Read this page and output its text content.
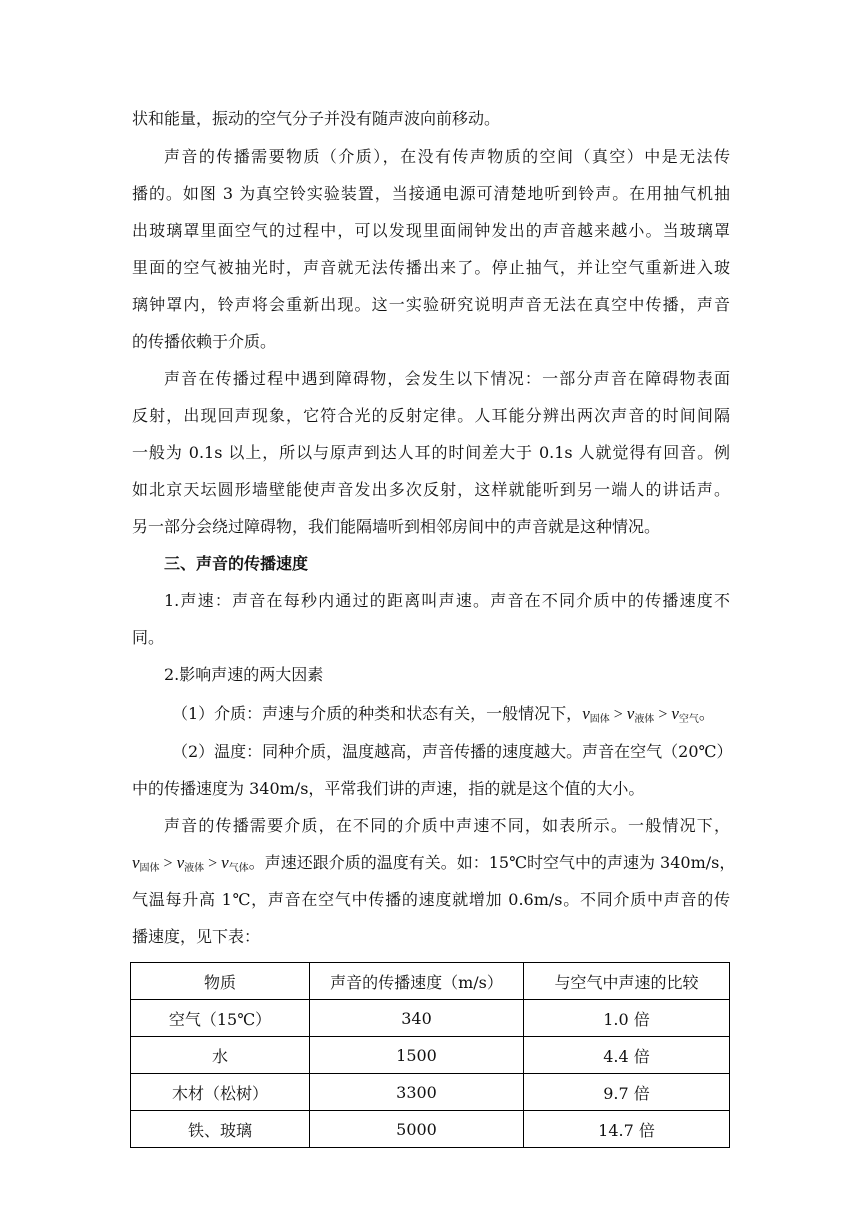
状和能量，振动的空气分子并没有随声波向前移动。
声音的传播需要物质（介质），在没有传声物质的空间（真空）中是无法传
播的。如图 3 为真空铃实验装置，当接通电源可清楚地听到铃声。在用抽气机抽
出玻璃罩里面空气的过程中，可以发现里面闹钟发出的声音越来越小。当玻璃罩
里面的空气被抽光时，声音就无法传播出来了。停止抽气，并让空气重新进入玻
璃钟罩内，铃声将会重新出现。这一实验研究说明声音无法在真空中传播，声音
的传播依赖于介质。
声音在传播过程中遇到障碍物，会发生以下情况：一部分声音在障碍物表面
反射，出现回声现象，它符合光的反射定律。人耳能分辨出两次声音的时间间隔
一般为 0.1s 以上，所以与原声到达人耳的时间差大于 0.1s 人就觉得有回音。例
如北京天坛圆形墙壁能使声音发出多次反射，这样就能听到另一端人的讲话声。
另一部分会绕过障碍物，我们能隔墙听到相邻房间中的声音就是这种情况。
三、声音的传播速度
1.声速：声音在每秒内通过的距离叫声速。声音在不同介质中的传播速度不
同。
2.影响声速的两大因素
（1）介质：声速与介质的种类和状态有关，一般情况下，$v_{固体} > v_{液体} > v_{空气}$。
（2）温度：同种介质，温度越高，声音传播的速度越大。声音在空气（20℃）
中的传播速度为 340m/s，平常我们讲的声速，指的就是这个值的大小。
声音的传播需要介质，在不同的介质中声速不同，如表所示。一般情况下，
$v_{固体} > v_{液体} > v_{气体}$。声速还跟介质的温度有关。如：15℃时空气中的声速为 340m/s，
气温每升高 1℃，声音在空气中传播的速度就增加 0.6m/s。不同介质中声音的传
播速度，见下表：
物质	声音的传播速度（m/s）	与空气中声速的比较
空气（15℃）	340	1.0 倍
水	1500	4.4 倍
木材（松树）	3300	9.7 倍
铁、玻璃	5000	14.7 倍
